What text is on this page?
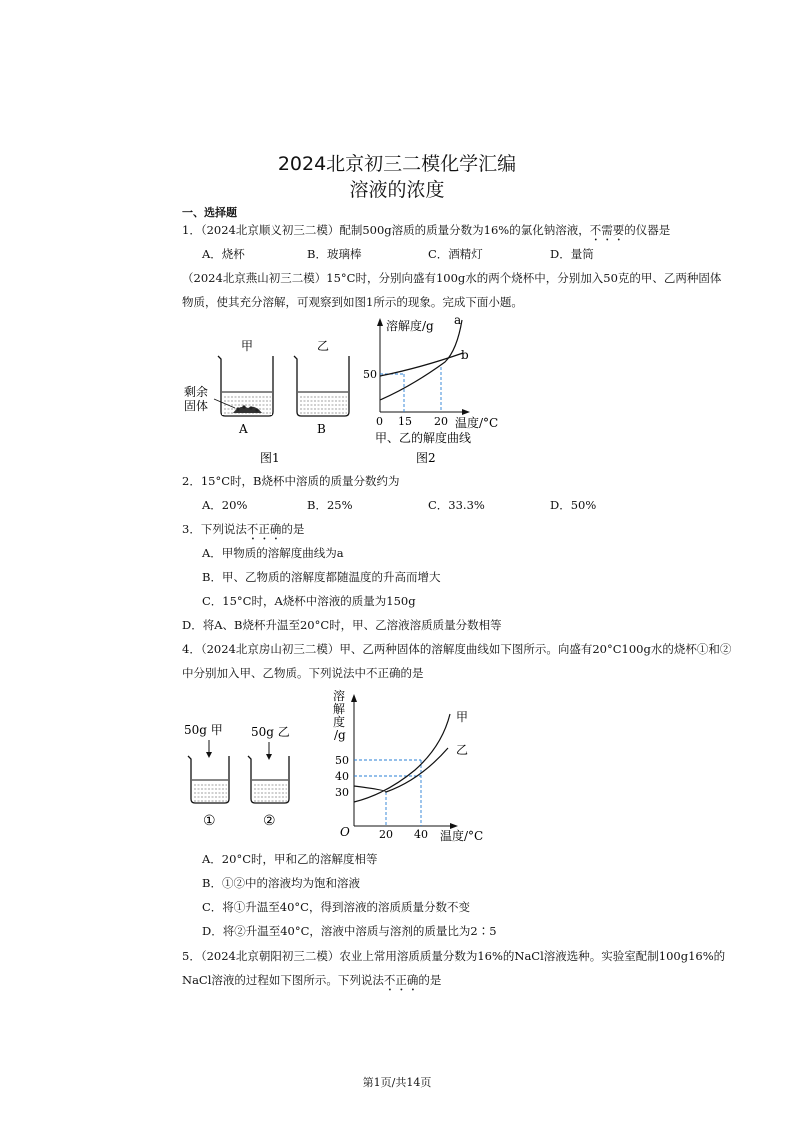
2024北京初三二模化学汇编
溶液的浓度
一、选择题
1．（2024北京顺义初三二模）配制500g溶质的质量分数为16%的氯化钠溶液，不需要的仪器是
A．烧杯	B．玻璃棒	C．酒精灯	D．量筒
（2024北京燕山初三二模）15°C时，分别向盛有100g水的两个烧杯中，分别加入50克的甲、乙两种固体
物质，使其充分溶解，可观察到如图1所示的现象。完成下面小题。
甲	乙
剩余
固体
A	B
图1
溶解度/g a
b
50
0 15 20 温度/°C
甲、乙的解度曲线
图2
2．15°C时，B烧杯中溶质的质量分数约为
A．20%	B．25%	C．33.3%	D．50%
3．下列说法不正确的是
A．甲物质的溶解度曲线为a
B．甲、乙物质的溶解度都随温度的升高而增大
C．15°C时，A烧杯中溶液的质量为150g
D．将A、B烧杯升温至20°C时，甲、乙溶液溶质质量分数相等
4．（2024北京房山初三二模）甲、乙两种固体的溶解度曲线如下图所示。向盛有20°C100g水的烧杯①和②
中分别加入甲、乙物质。下列说法中不正确的是
50g 甲 50g 乙
①	②
溶
解
度
/g
50
40
30
O	20 40 温度/°C
甲
乙
A．20°C时，甲和乙的溶解度相等
B．①②中的溶液均为饱和溶液
C．将①升温至40°C，得到溶液的溶质质量分数不变
D．将②升温至40°C，溶液中溶质与溶剂的质量比为2∶5
5．（2024北京朝阳初三二模）农业上常用溶质质量分数为16%的NaCl溶液选种。实验室配制100g16%的
NaCl溶液的过程如下图所示。下列说法不正确的是
第1页/共14页
